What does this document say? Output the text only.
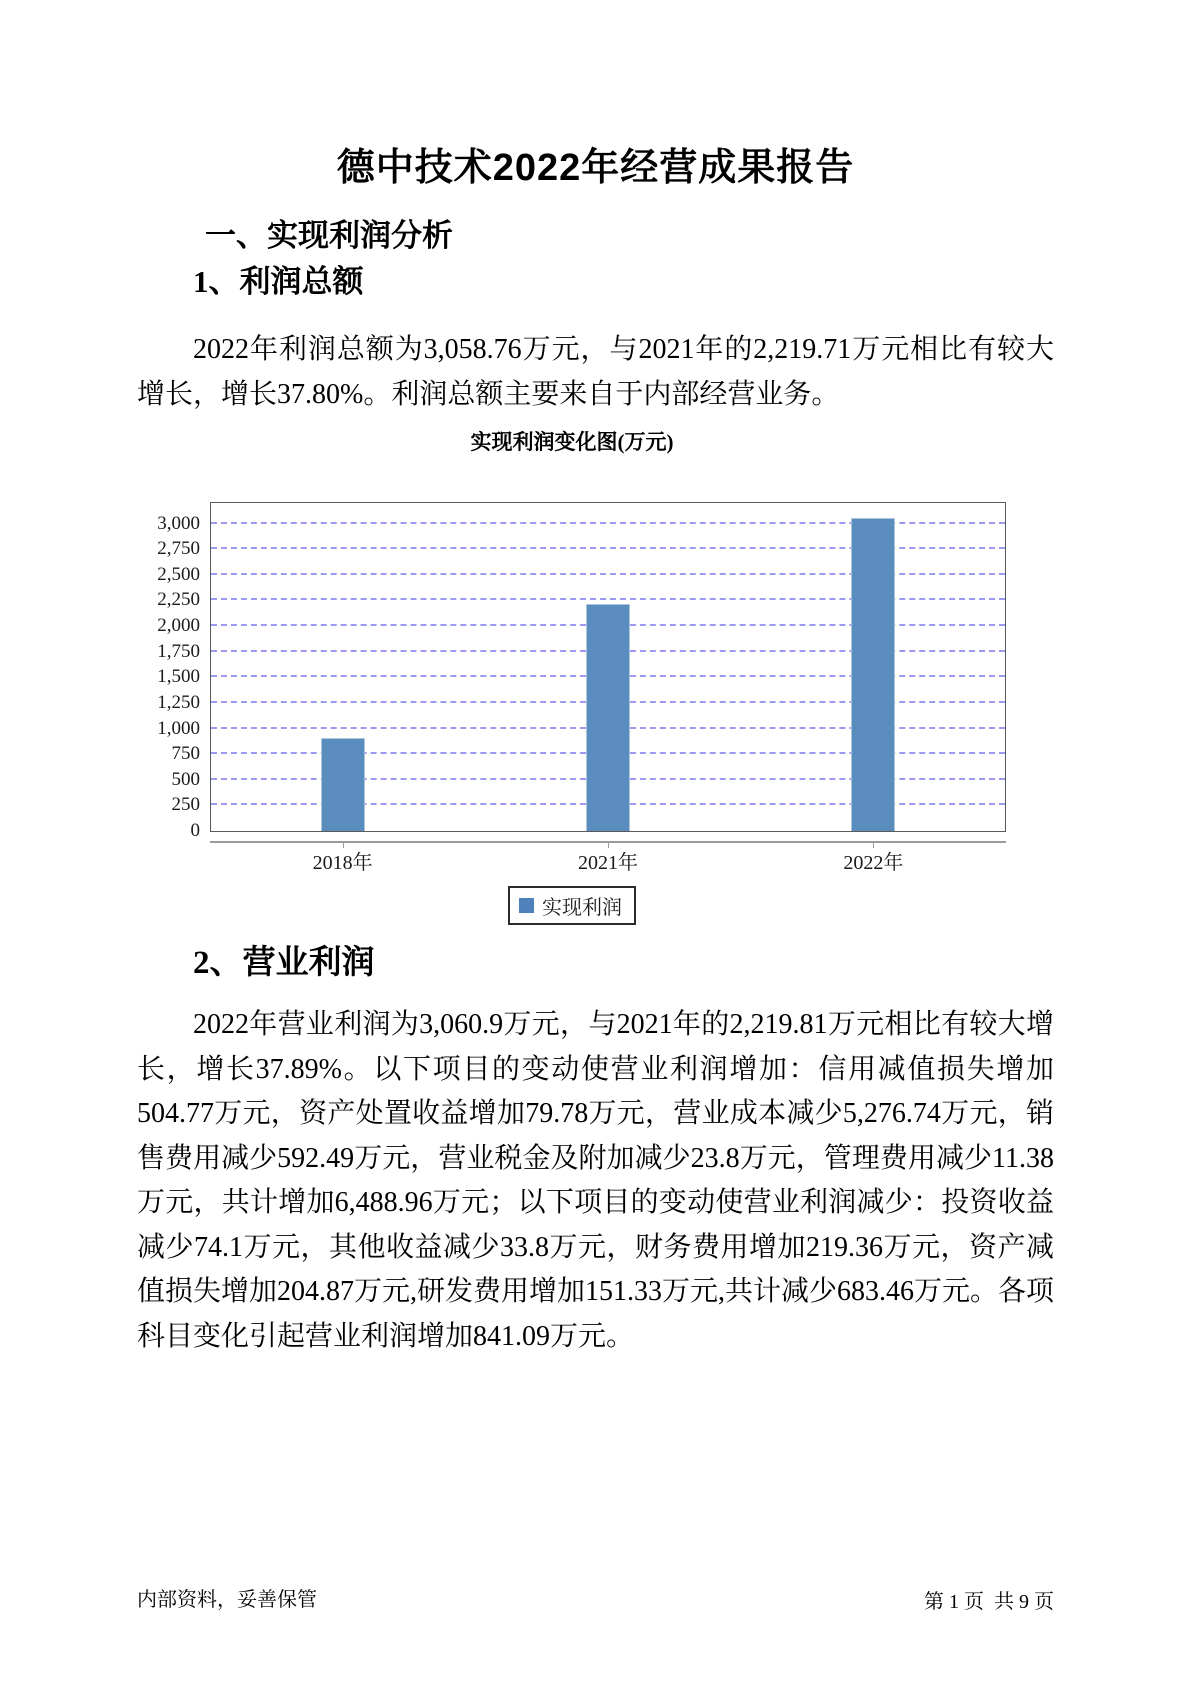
德中技术2022年经营成果报告
一、实现利润分析
1、利润总额

2022年利润总额为3,058.76万元，与2021年的2,219.71万元相比有较大增长，增长37.80%。利润总额主要来自于内部经营业务。

实现利润变化图(万元)
0
250
500
750
1,000
1,250
1,500
1,750
2,000
2,250
2,500
2,750
3,000
2018年	2021年	2022年
实现利润
2、营业利润

2022年营业利润为3,060.9万元，与2021年的2,219.81万元相比有较大增长，增长37.89%。以下项目的变动使营业利润增加：信用减值损失增加504.77万元，资产处置收益增加79.78万元，营业成本减少5,276.74万元，销售费用减少592.49万元，营业税金及附加减少23.8万元，管理费用减少11.38万元，共计增加6,488.96万元；以下项目的变动使营业利润减少：投资收益减少74.1万元，其他收益减少33.8万元，财务费用增加219.36万元，资产减值损失增加204.87万元,研发费用增加151.33万元,共计减少683.46万元。各项科目变化引起营业利润增加841.09万元。

内部资料，妥善保管	第 1 页  共 9 页
